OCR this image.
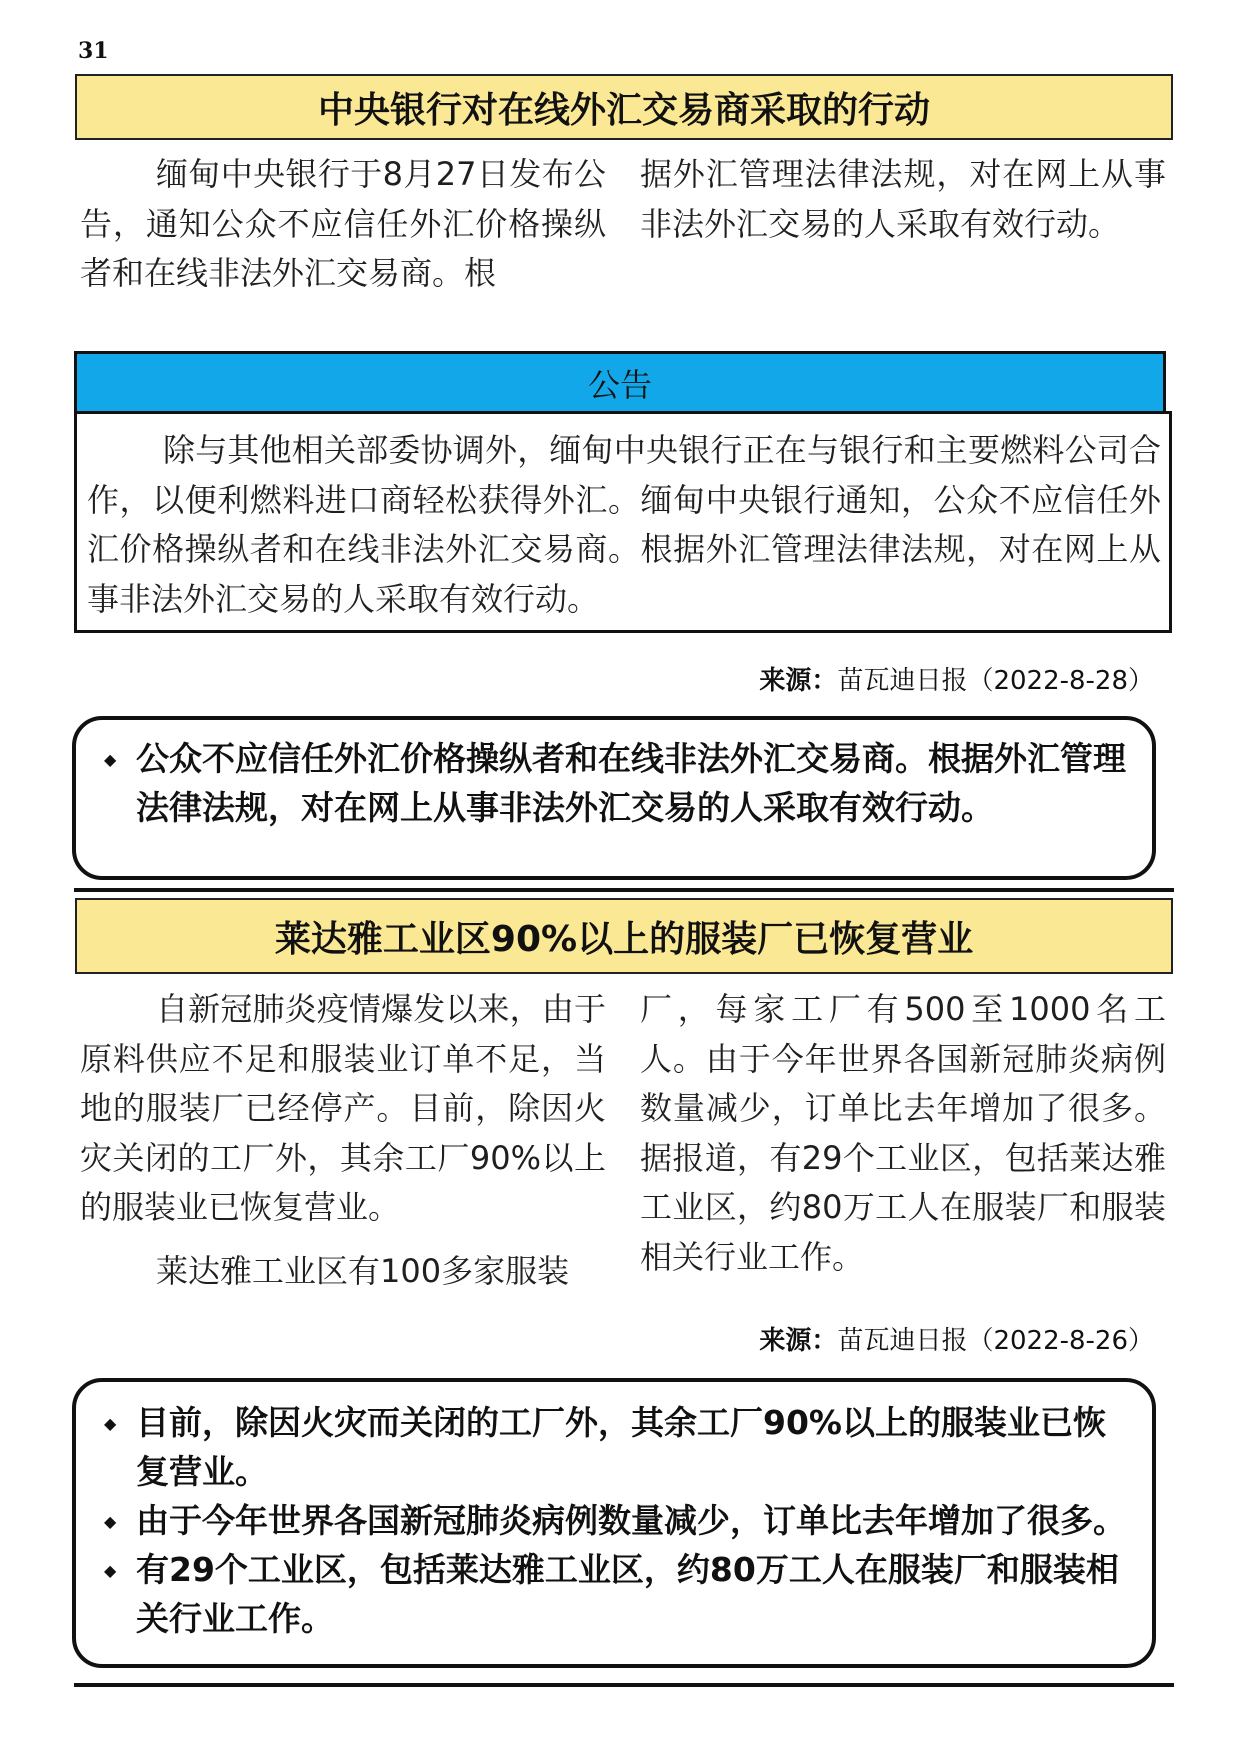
31
中央银行对在线外汇交易商采取的行动

缅甸中央银行于8月27日发布公告，通知公众不应信任外汇价格操纵者和在线非法外汇交易商。根

据外汇管理法律法规，对在网上从事非法外汇交易的人采取有效行动。

公告

除与其他相关部委协调外，缅甸中央银行正在与银行和主要燃料公司合作，以便利燃料进口商轻松获得外汇。缅甸中央银行通知，公众不应信任外汇价格操纵者和在线非法外汇交易商。根据外汇管理法律法规，对在网上从事非法外汇交易的人采取有效行动。

来源：苗瓦迪日报（2022-8-28）
◆ 公众不应信任外汇价格操纵者和在线非法外汇交易商。根据外汇管理法律法规，对在网上从事非法外汇交易的人采取有效行动。
莱达雅工业区90%以上的服装厂已恢复营业

自新冠肺炎疫情爆发以来，由于原料供应不足和服装业订单不足，当地的服装厂已经停产。目前，除因火灾关闭的工厂外，其余工厂90%以上的服装业已恢复营业。

莱达雅工业区有100多家服装

厂，每家工厂有500至1000名工人。由于今年世界各国新冠肺炎病例数量减少，订单比去年增加了很多。据报道，有29个工业区，包括莱达雅工业区，约80万工人在服装厂和服装相关行业工作。

来源：苗瓦迪日报（2022-8-26）
◆ 目前，除因火灾而关闭的工厂外，其余工厂90%以上的服装业已恢复营业。
◆ 由于今年世界各国新冠肺炎病例数量减少，订单比去年增加了很多。
◆ 有29个工业区，包括莱达雅工业区，约80万工人在服装厂和服装相关行业工作。
